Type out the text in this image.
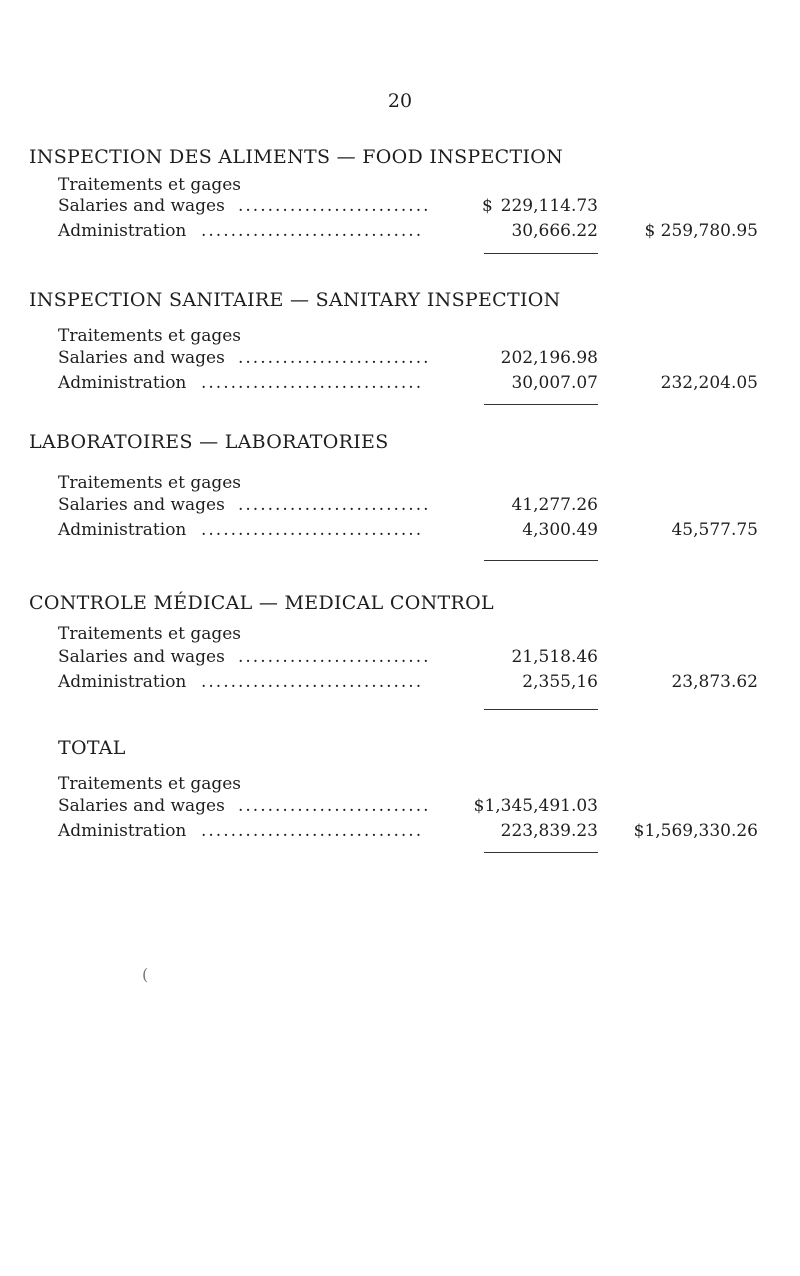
20
INSPECTION DES ALIMENTS — FOOD INSPECTION
Traitements et gages
Salaries and wages ..........................	$ 229,114.73
Administration ..............................	30,666.22	$ 259,780.95
INSPECTION SANITAIRE — SANITARY INSPECTION
Traitements et gages
Salaries and wages ..........................	202,196.98
Administration ..............................	30,007.07	232,204.05
LABORATOIRES — LABORATORIES
Traitements et gages
Salaries and wages ..........................	41,277.26
Administration ..............................	4,300.49	45,577.75
CONTROLE MÉDICAL — MEDICAL CONTROL
Traitements et gages
Salaries and wages ..........................	21,518.46
Administration ..............................	2,355,16	23,873.62
TOTAL
Traitements et gages
Salaries and wages ..........................	$1,345,491.03
Administration ..............................	223,839.23 $1,569,330.26
(
